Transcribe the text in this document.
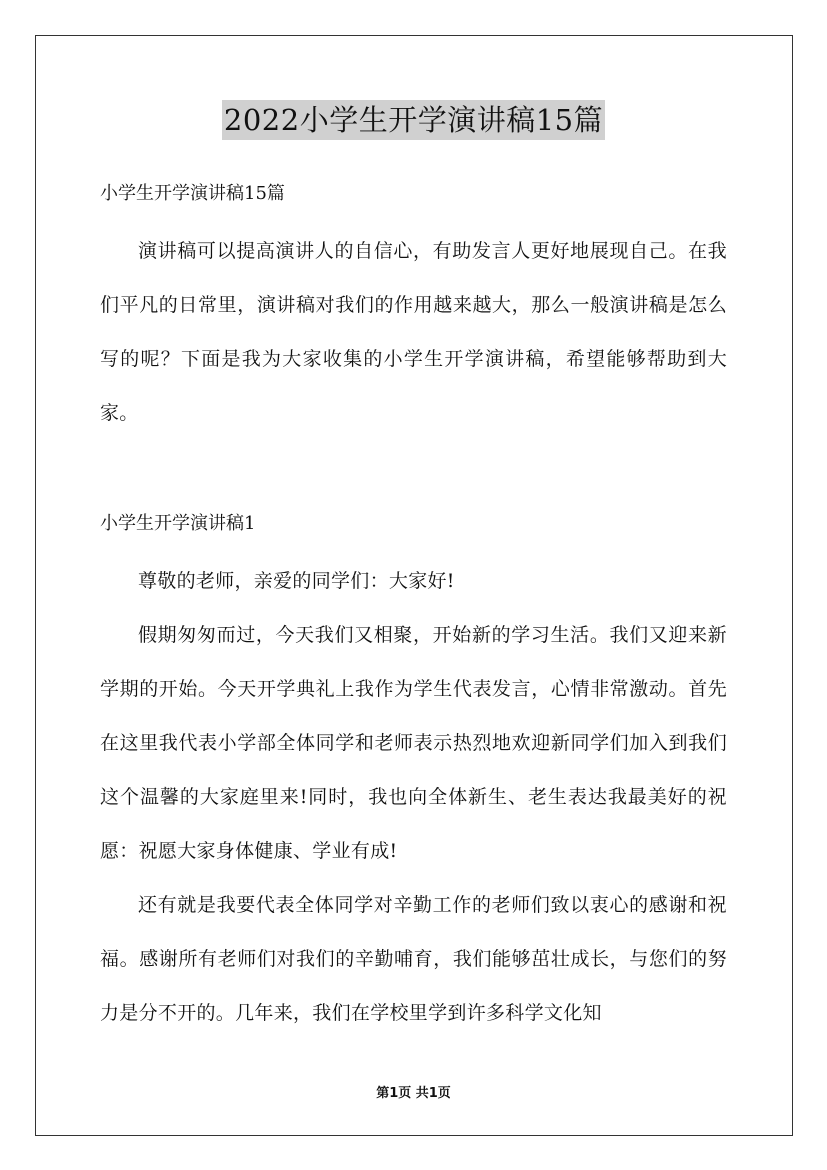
2022小学生开学演讲稿15篇

小学生开学演讲稿15篇

演讲稿可以提高演讲人的自信心，有助发言人更好地展现自己。在我们平凡的日常里，演讲稿对我们的作用越来越大，那么一般演讲稿是怎么写的呢？下面是我为大家收集的小学生开学演讲稿，希望能够帮助到大家。

小学生开学演讲稿1

尊敬的老师，亲爱的同学们：大家好!

假期匆匆而过，今天我们又相聚，开始新的学习生活。我们又迎来新学期的开始。今天开学典礼上我作为学生代表发言，心情非常激动。首先在这里我代表小学部全体同学和老师表示热烈地欢迎新同学们加入到我们这个温馨的大家庭里来!同时，我也向全体新生、老生表达我最美好的祝愿：祝愿大家身体健康、学业有成!

还有就是我要代表全体同学对辛勤工作的老师们致以衷心的感谢和祝福。感谢所有老师们对我们的辛勤哺育，我们能够茁壮成长，与您们的努力是分不开的。几年来，我们在学校里学到许多科学文化知

第1页 共1页
